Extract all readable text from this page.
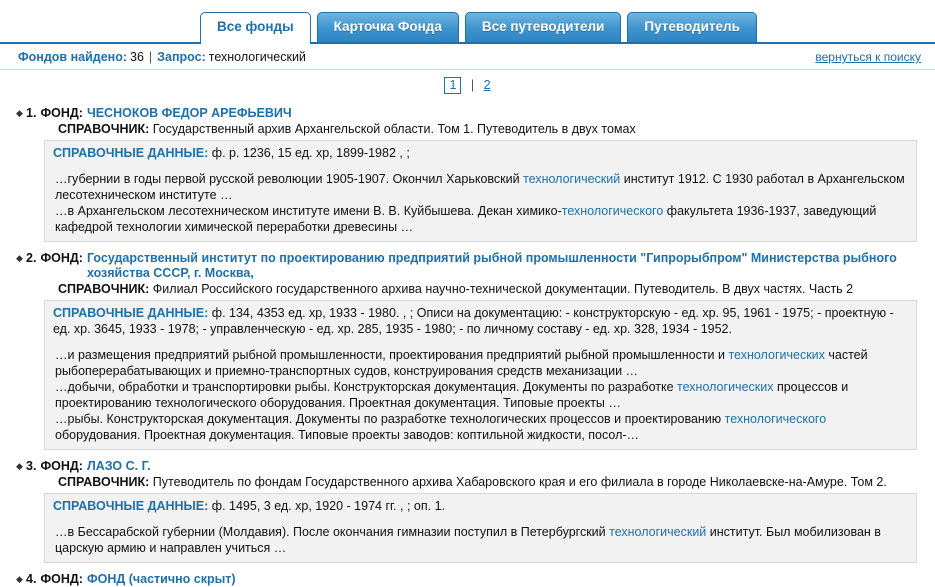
Все фонды	Карточка Фонда	Все путеводители	Путеводитель
Фондов найдено: 36 | Запрос: технологический	вернуться к поиску
1 | 2
◆ 1. ФОНД: ЧЕСНОКОВ ФЕДОР АРЕФЬЕВИЧ
СПРАВОЧНИК: Государственный архив Архангельской области. Том 1. Путеводитель в двух томах
СПРАВОЧНЫЕ ДАННЫЕ: ф. р. 1236, 15 ед. хр, 1899-1982 , ;
…губернии в годы первой русской революции 1905-1907. Окончил Харьковский технологический институт 1912. С 1930 работал в Архангельском лесотехническом институте …
…в Архангельском лесотехническом институте имени В. В. Куйбышева. Декан химико-технологического факультета 1936-1937, заведующий кафедрой технологии химической переработки древесины …
◆ 2. ФОНД: Государственный институт по проектированию предприятий рыбной промышленности "Гипрорыбпром" Министерства рыбного хозяйства СССР, г. Москва,
СПРАВОЧНИК: Филиал Российского государственного архива научно-технической документации. Путеводитель. В двух частях. Часть 2
СПРАВОЧНЫЕ ДАННЫЕ: ф. 134, 4353 ед. хр, 1933 - 1980. , ; Описи на документацию: - конструкторскую - ед. хр. 95, 1961 - 1975; - проектную - ед. хр. 3645, 1933 - 1978; - управленческую - ед. хр. 285, 1935 - 1980; - по личному составу - ед. хр. 328, 1934 - 1952.
…и размещения предприятий рыбной промышленности, проектирования предприятий рыбной промышленности и технологических частей рыбоперерабатывающих и приемно-транспортных судов, конструирования средств механизации …
…добычи, обработки и транспортировки рыбы. Конструкторская документация. Документы по разработке технологических процессов и проектированию технологического оборудования. Проектная документация. Типовые проекты …
…рыбы. Конструкторская документация. Документы по разработке технологических процессов и проектированию технологического оборудования. Проектная документация. Типовые проекты заводов: коптильной жидкости, посол-…
◆ 3. ФОНД: ЛАЗО С. Г.
СПРАВОЧНИК: Путеводитель по фондам Государственного архива Хабаровского края и его филиала в городе Николаевске-на-Амуре. Том 2.
СПРАВОЧНЫЕ ДАННЫЕ: ф. 1495, 3 ед. хр, 1920 - 1974 гг. , ; оп. 1.
…в Бессарабской губернии (Молдавия). После окончания гимназии поступил в Петербургский технологический институт. Был мобилизован в царскую армию и направлен учиться …
◆ 4. ФОНД: ФОНД (частично скрыт)
